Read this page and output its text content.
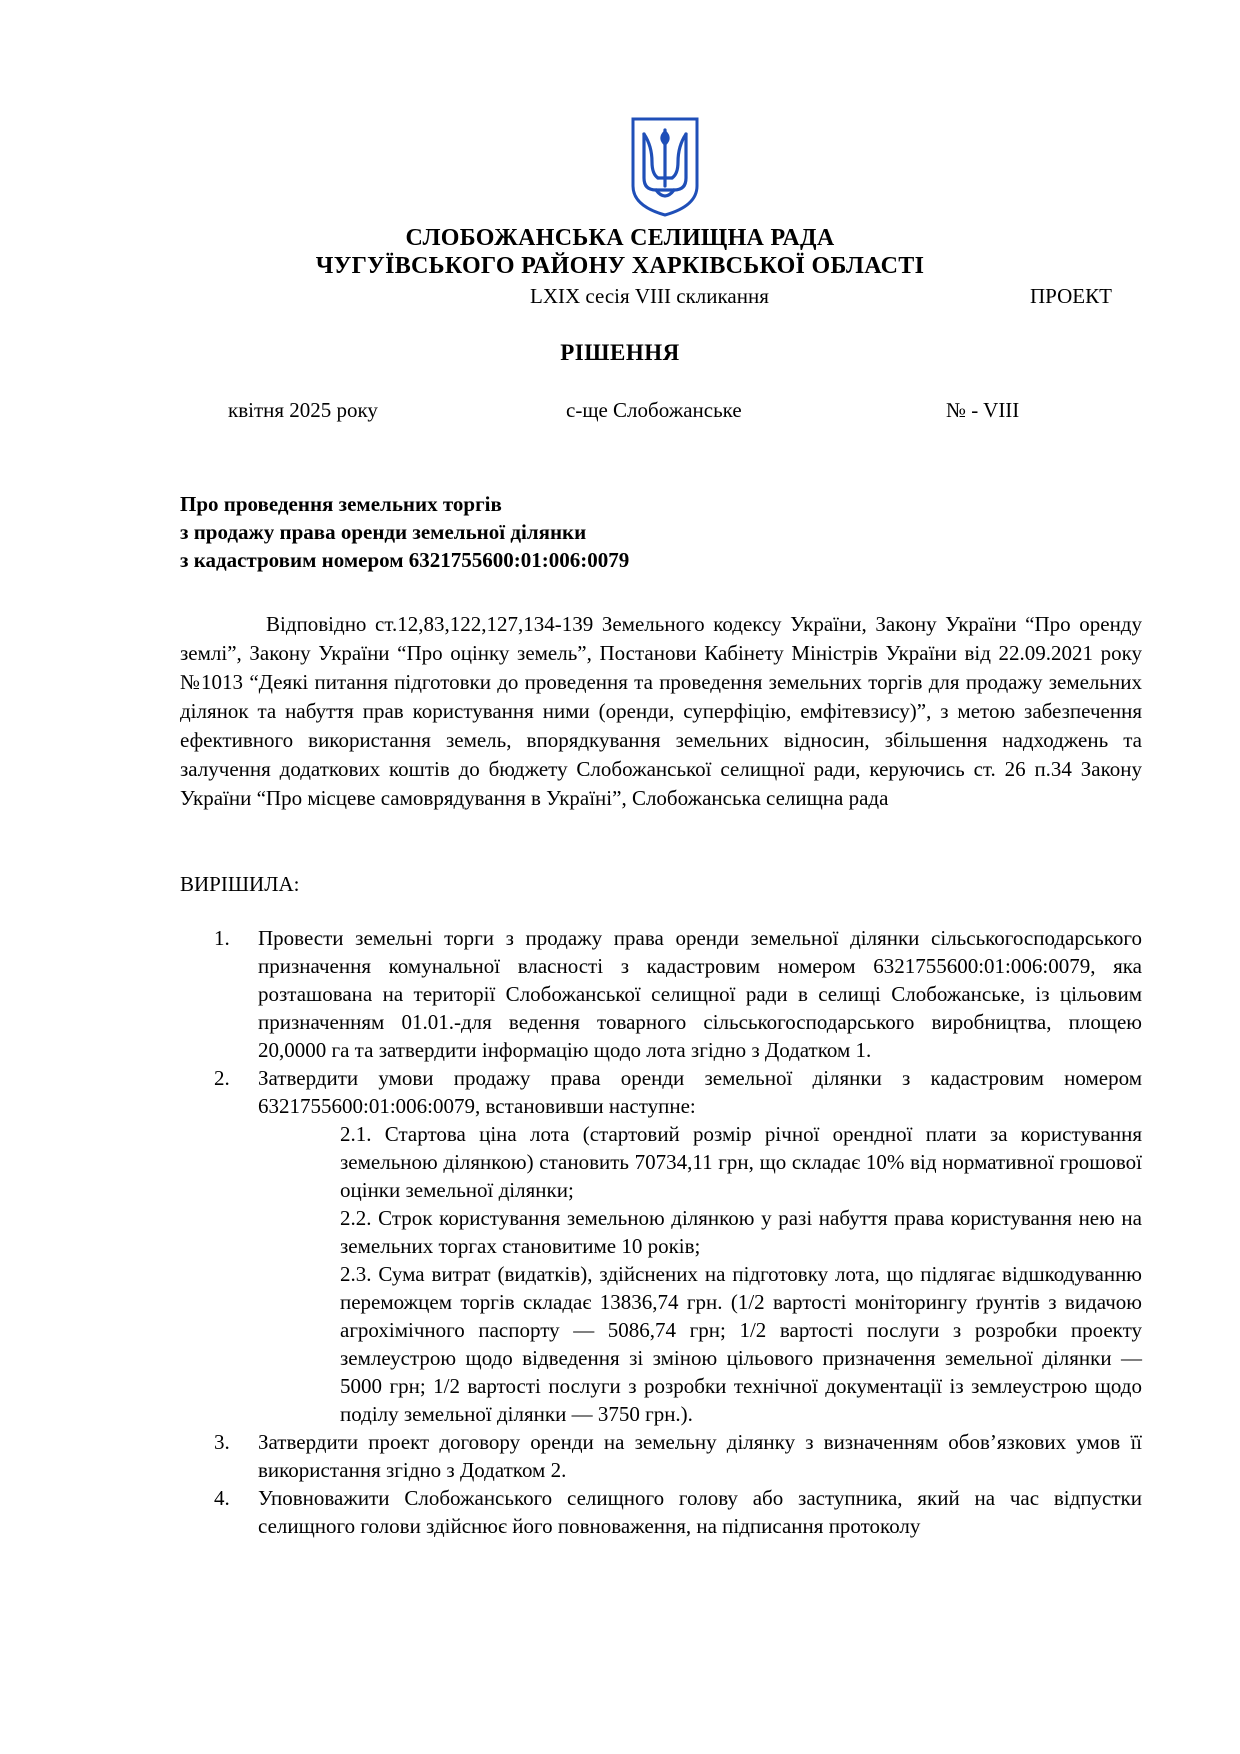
СЛОБОЖАНСЬКА СЕЛИЩНА РАДА
ЧУГУЇВСЬКОГО РАЙОНУ ХАРКІВСЬКОЇ ОБЛАСТІ
LXIX сесія VIII скликання	ПРОЕКТ
РІШЕННЯ
квітня 2025 року	с-ще Слобожанське	№ - VIII
Про проведення земельних торгів
з продажу права оренди земельної ділянки
з кадастровим номером 6321755600:01:006:0079
Відповідно ст.12,83,122,127,134-139 Земельного кодексу України, Закону України “Про оренду землі”, Закону України “Про оцінку земель”, Постанови Кабінету Міністрів України від 22.09.2021 року №1013 “Деякі питання підготовки до проведення та проведення земельних торгів для продажу земельних ділянок та набуття прав користування ними (оренди, суперфіцію, емфітевзису)”, з метою забезпечення ефективного використання земель, впорядкування земельних відносин, збільшення надходжень та залучення додаткових коштів до бюджету Слобожанської селищної ради, керуючись ст. 26 п.34 Закону України “Про місцеве самоврядування в Україні”, Слобожанська селищна рада
ВИРІШИЛА:
1. Провести земельні торги з продажу права оренди земельної ділянки сільськогосподарського призначення комунальної власності з кадастровим номером 6321755600:01:006:0079, яка розташована на території Слобожанської селищної ради в селищі Слобожанське, із цільовим призначенням 01.01.-для ведення товарного сільськогосподарського виробництва, площею 20,0000 га та затвердити інформацію щодо лота згідно з Додатком 1.
2. Затвердити умови продажу права оренди земельної ділянки з кадастровим номером 6321755600:01:006:0079, встановивши наступне:
2.1. Стартова ціна лота (стартовий розмір річної орендної плати за користування земельною ділянкою) становить 70734,11 грн, що складає 10% від нормативної грошової оцінки земельної ділянки;
2.2. Строк користування земельною ділянкою у разі набуття права користування нею на земельних торгах становитиме 10 років;
2.3. Сума витрат (видатків), здійснених на підготовку лота, що підлягає відшкодуванню переможцем торгів складає 13836,74 грн. (1/2 вартості моніторингу ґрунтів з видачою агрохімічного паспорту — 5086,74 грн; 1/2 вартості послуги з розробки проекту землеустрою щодо відведення зі зміною цільового призначення земельної ділянки — 5000 грн; 1/2 вартості послуги з розробки технічної документації із землеустрою щодо поділу земельної ділянки — 3750 грн.).
3. Затвердити проект договору оренди на земельну ділянку з визначенням обов’язкових умов її використання згідно з Додатком 2.
4. Уповноважити Слобожанського селищного голову або заступника, який на час відпустки селищного голови здійснює його повноваження, на підписання протоколу
